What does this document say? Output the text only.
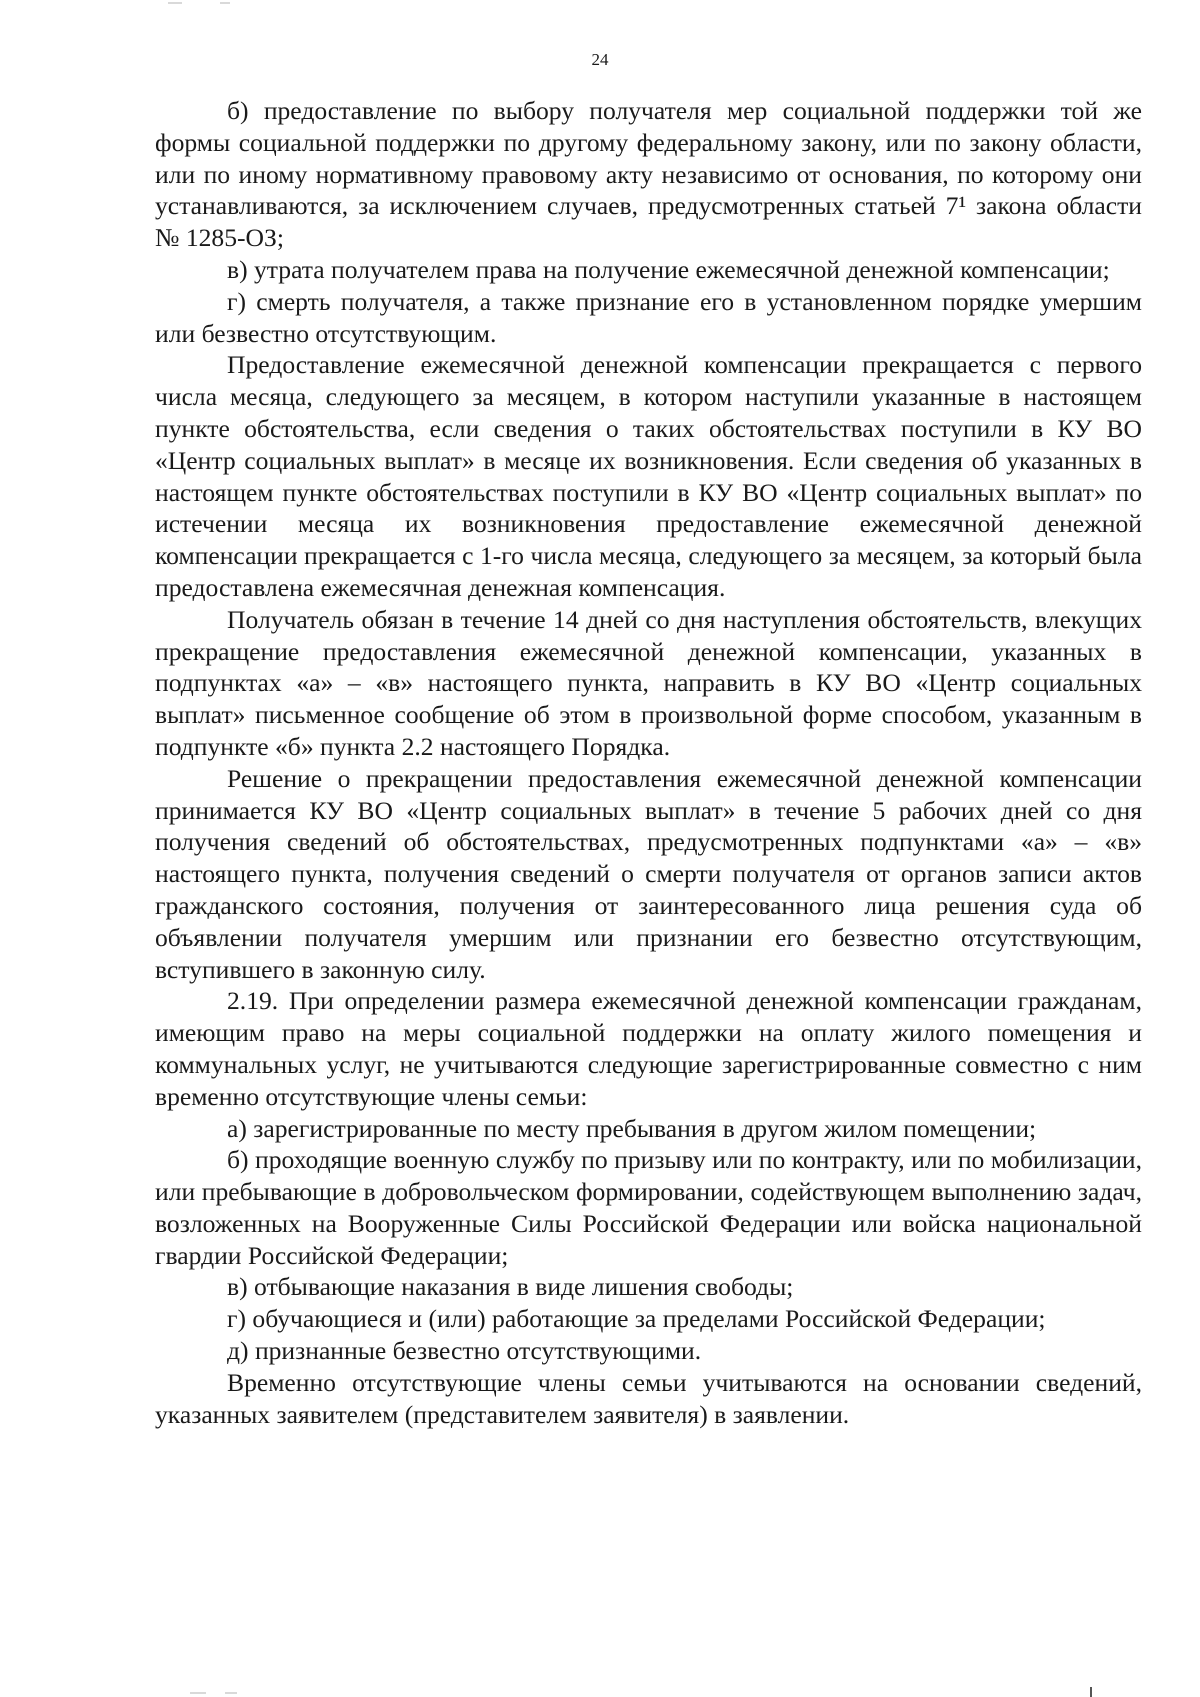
24

б) предоставление по выбору получателя мер социальной поддержки той же формы социальной поддержки по другому федеральному закону, или по закону области, или по иному нормативному правовому акту независимо от основания, по которому они устанавливаются, за исключением случаев, предусмотренных статьей 7¹ закона области № 1285-ОЗ;

в) утрата получателем права на получение ежемесячной денежной компенсации;

г) смерть получателя, а также признание его в установленном порядке умершим или безвестно отсутствующим.

Предоставление ежемесячной денежной компенсации прекращается с первого числа месяца, следующего за месяцем, в котором наступили указанные в настоящем пункте обстоятельства, если сведения о таких обстоятельствах поступили в КУ ВО «Центр социальных выплат» в месяце их возникновения. Если сведения об указанных в настоящем пункте обстоятельствах поступили в КУ ВО «Центр социальных выплат» по истечении месяца их возникновения предоставление ежемесячной денежной компенсации прекращается с 1-го числа месяца, следующего за месяцем, за который была предоставлена ежемесячная денежная компенсация.

Получатель обязан в течение 14 дней со дня наступления обстоятельств, влекущих прекращение предоставления ежемесячной денежной компенсации, указанных в подпунктах «а» – «в» настоящего пункта, направить в КУ ВО «Центр социальных выплат» письменное сообщение об этом в произвольной форме способом, указанным в подпункте «б» пункта 2.2 настоящего Порядка.

Решение о прекращении предоставления ежемесячной денежной компенсации принимается КУ ВО «Центр социальных выплат» в течение 5 рабочих дней со дня получения сведений об обстоятельствах, предусмотренных подпунктами «а» – «в» настоящего пункта, получения сведений о смерти получателя от органов записи актов гражданского состояния, получения от заинтересованного лица решения суда об объявлении получателя умершим или признании его безвестно отсутствующим, вступившего в законную силу.

2.19. При определении размера ежемесячной денежной компенсации гражданам, имеющим право на меры социальной поддержки на оплату жилого помещения и коммунальных услуг, не учитываются следующие зарегистрированные совместно с ним временно отсутствующие члены семьи:

а) зарегистрированные по месту пребывания в другом жилом помещении;

б) проходящие военную службу по призыву или по контракту, или по мобилизации, или пребывающие в добровольческом формировании, содействующем выполнению задач, возложенных на Вооруженные Силы Российской Федерации или войска национальной гвардии Российской Федерации;

в) отбывающие наказания в виде лишения свободы;

г) обучающиеся и (или) работающие за пределами Российской Федерации;

д) признанные безвестно отсутствующими.

Временно отсутствующие члены семьи учитываются на основании сведений, указанных заявителем (представителем заявителя) в заявлении.
